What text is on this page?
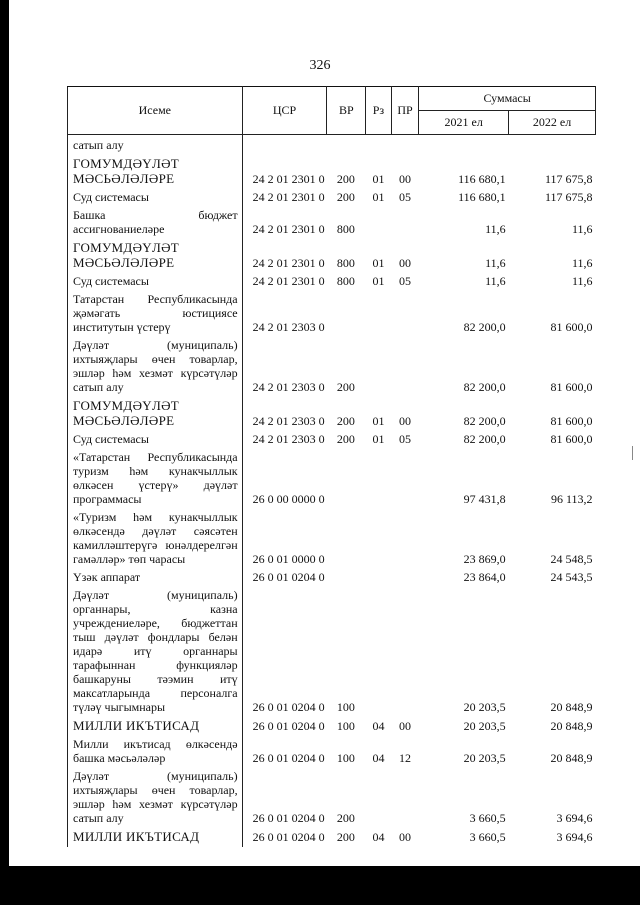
326
Исеме	ЦСР	ВР	Рз	ПР	Суммасы	
					2021 ел	2022 ел
сатып алу						
ГОМУМДӘҮЛӘТ МӘСЬӘЛӘЛӘРЕ	24 2 01 2301 0	200	01	00	116 680,1	117 675,8
Суд системасы	24 2 01 2301 0	200	01	05	116 680,1	117 675,8
Башка бюджет ассигнованиеләре	24 2 01 2301 0	800			11,6	11,6
ГОМУМДӘҮЛӘТ МӘСЬӘЛӘЛӘРЕ	24 2 01 2301 0	800	01	00	11,6	11,6
Суд системасы	24 2 01 2301 0	800	01	05	11,6	11,6
Татарстан Республикасында җәмәгать юстициясе институтын үстерү	24 2 01 2303 0				82 200,0	81 600,0
Дәүләт (муниципаль) ихтыяҗлары өчен товарлар, эшләр һәм хезмәт күрсәтүләр сатып алу	24 2 01 2303 0	200			82 200,0	81 600,0
ГОМУМДӘҮЛӘТ МӘСЬӘЛӘЛӘРЕ	24 2 01 2303 0	200	01	00	82 200,0	81 600,0
Суд системасы	24 2 01 2303 0	200	01	05	82 200,0	81 600,0
«Татарстан Республикасында туризм һәм кунакчыллык өлкәсен үстерү» дәүләт программасы	26 0 00 0000 0				97 431,8	96 113,2
«Туризм һәм кунакчыллык өлкәсендә дәүләт сәясәтен камилләштерүгә юнәлдерелгән гамәлләр» төп чарасы	26 0 01 0000 0				23 869,0	24 548,5
Үзәк аппарат	26 0 01 0204 0				23 864,0	24 543,5
Дәүләт (муниципаль) органнары, казна учреждениеләре, бюджеттан тыш дәүләт фондлары белән идарә итү органнары тарафыннан функцияләр башкаруны тәэмин итү максатларында персоналга түләү чыгымнары	26 0 01 0204 0	100			20 203,5	20 848,9
МИЛЛИ ИКЪТИСАД	26 0 01 0204 0	100	04	00	20 203,5	20 848,9
Милли икътисад өлкәсендә башка мәсьәләләр	26 0 01 0204 0	100	04	12	20 203,5	20 848,9
Дәүләт (муниципаль) ихтыяҗлары өчен товарлар, эшләр һәм хезмәт күрсәтүләр сатып алу	26 0 01 0204 0	200			3 660,5	3 694,6
МИЛЛИ ИКЪТИСАД	26 0 01 0204 0	200	04	00	3 660,5	3 694,6
